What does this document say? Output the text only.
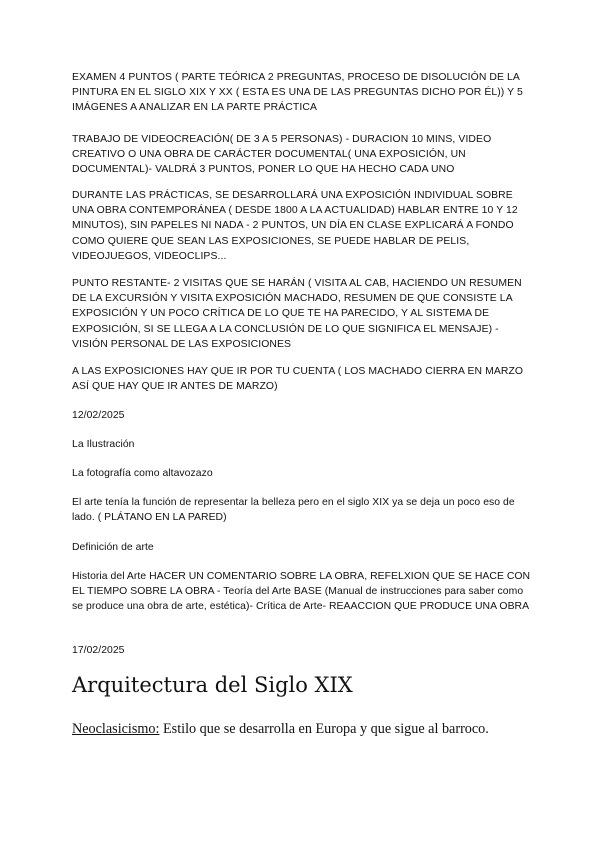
EXAMEN 4 PUNTOS ( PARTE TEÓRICA 2 PREGUNTAS, PROCESO DE DISOLUCIÓN DE LA PINTURA EN EL SIGLO XIX Y XX ( ESTA ES UNA DE LAS PREGUNTAS DICHO POR ÉL)) Y 5 IMÁGENES A ANALIZAR EN LA PARTE PRÁCTICA

TRABAJO DE VIDEOCREACIÓN( DE 3 A 5 PERSONAS) - DURACION 10 MINS, VIDEO CREATIVO O UNA OBRA DE CARÁCTER DOCUMENTAL( UNA EXPOSICIÓN, UN DOCUMENTAL)- VALDRÁ 3 PUNTOS, PONER LO QUE HA HECHO CADA UNO

DURANTE LAS PRÁCTICAS, SE DESARROLLARÁ UNA EXPOSICIÓN INDIVIDUAL SOBRE UNA OBRA CONTEMPORÁNEA ( DESDE 1800 A LA ACTUALIDAD) HABLAR ENTRE 10 Y 12 MINUTOS), SIN PAPELES NI NADA - 2 PUNTOS, UN DÍA EN CLASE EXPLICARÁ A FONDO COMO QUIERE QUE SEAN LAS EXPOSICIONES, SE PUEDE HABLAR DE PELIS, VIDEOJUEGOS, VIDEOCLIPS...

PUNTO RESTANTE- 2 VISITAS QUE SE HARÁN ( VISITA AL CAB, HACIENDO UN RESUMEN DE LA EXCURSIÓN Y VISITA EXPOSICIÓN MACHADO, RESUMEN DE QUE CONSISTE LA EXPOSICIÓN Y UN POCO CRÍTICA DE LO QUE TE HA PARECIDO, Y AL SISTEMA DE EXPOSICIÓN, SI SE LLEGA A LA CONCLUSIÓN DE LO QUE SIGNIFICA EL MENSAJE) - VISIÓN PERSONAL DE LAS EXPOSICIONES

A LAS EXPOSICIONES HAY QUE IR POR TU CUENTA ( LOS MACHADO CIERRA EN MARZO ASÍ QUE HAY QUE IR ANTES DE MARZO)

12/02/2025

La Ilustración

La fotografía como altavozazo

El arte tenía la función de representar la belleza pero en el siglo XIX ya se deja un poco eso de lado. ( PLÁTANO EN LA PARED)

Definición de arte

Historia del Arte HACER UN COMENTARIO SOBRE LA OBRA, REFELXION QUE SE HACE CON EL TIEMPO SOBRE LA OBRA - Teoría del Arte BASE (Manual de instrucciones para saber como se produce una obra de arte, estética)- Crítica de Arte- REAACCION QUE PRODUCE UNA OBRA

17/02/2025

Arquitectura del Siglo XIX

Neoclasicismo: Estilo que se desarrolla en Europa y que sigue al barroco.
